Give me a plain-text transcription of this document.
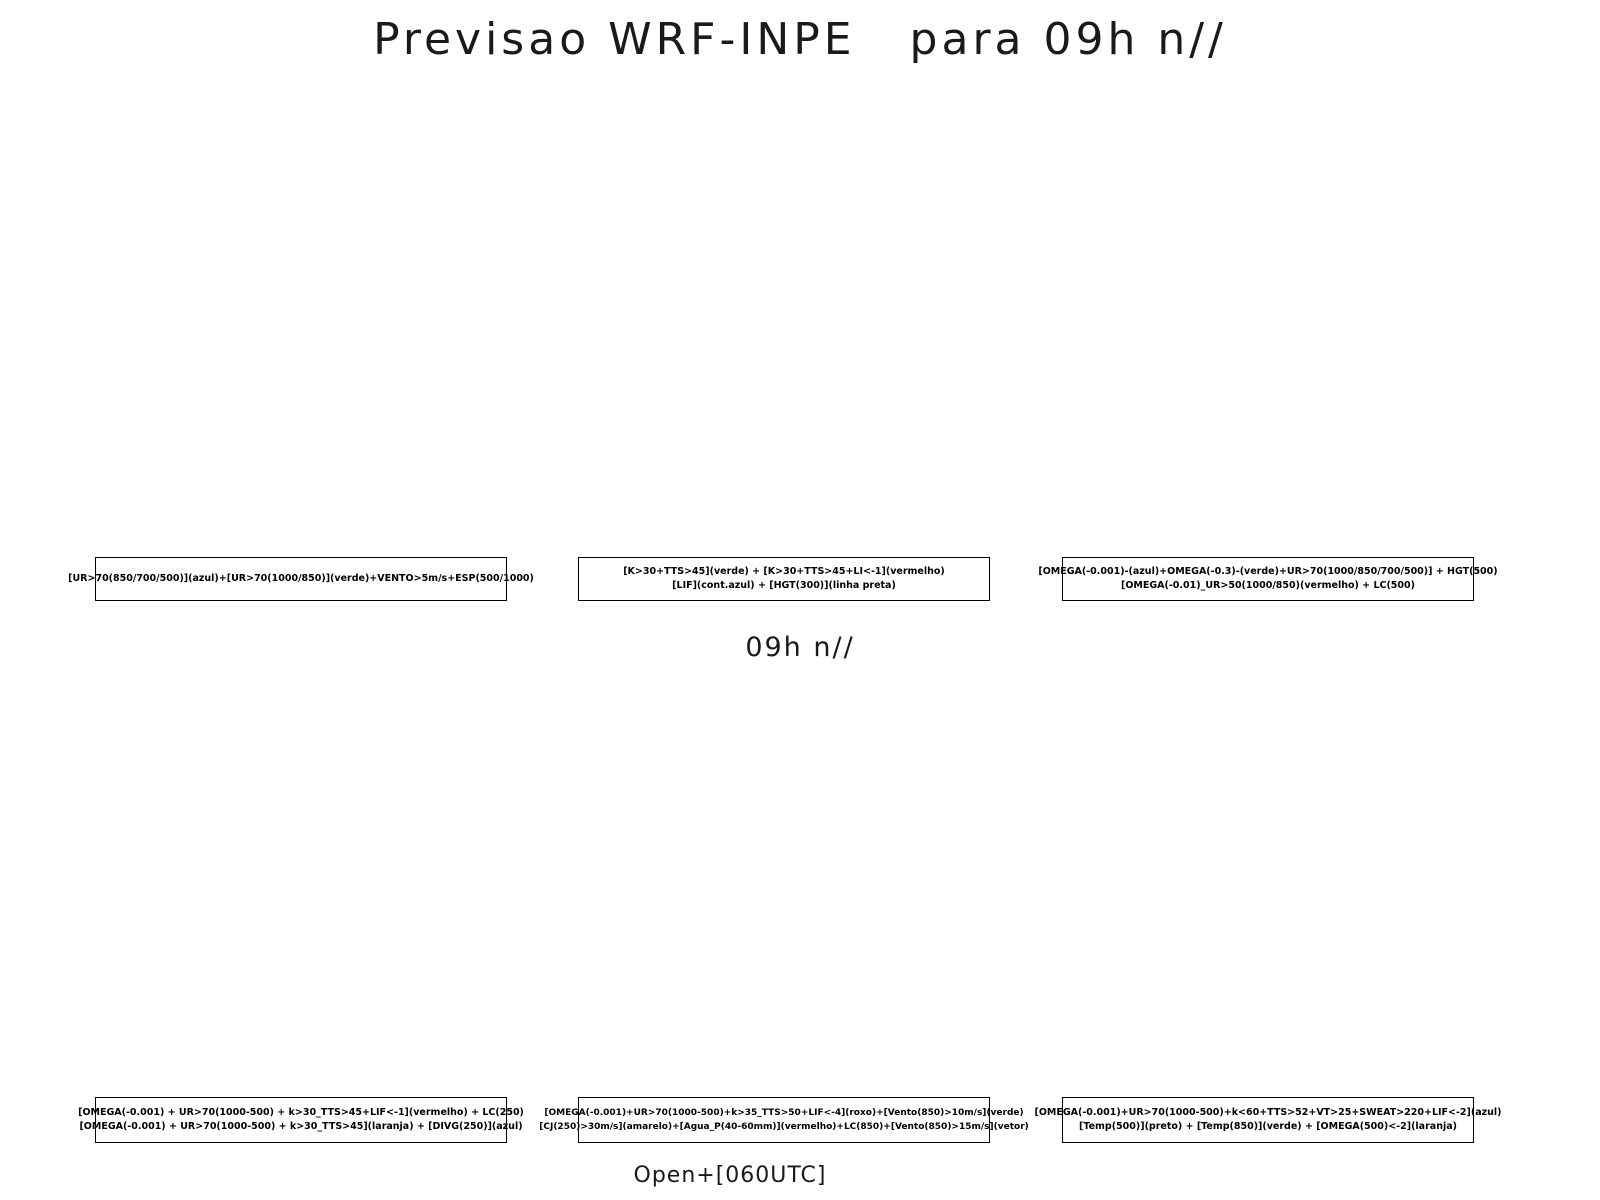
Previsao WRF-INPE   para 09h n//
[UR>70(850/700/500)](azul)+[UR>70(1000/850)](verde)+VENTO>5m/s+ESP(500/1000)
[K>30+TTS>45](verde) + [K>30+TTS>45+LI<-1](vermelho)
[LIF](cont.azul) + [HGT(300)](linha preta)
[OMEGA(-0.001)-(azul)+OMEGA(-0.3)-(verde)+UR>70(1000/850/700/500)] + HGT(500)
[OMEGA(-0.01)_UR>50(1000/850)(vermelho) + LC(500)
09h n//
[OMEGA(-0.001) + UR>70(1000-500) + k>30_TTS>45+LIF<-1](vermelho) + LC(250)
[OMEGA(-0.001) + UR>70(1000-500) + k>30_TTS>45](laranja) + [DIVG(250)](azul)
[OMEGA(-0.001)+UR>70(1000-500)+k>35_TTS>50+LIF<-4](roxo)+[Vento(850)>10m/s](verde)
[CJ(250)>30m/s](amarelo)+[Agua_P(40-60mm)](vermelho)+LC(850)+[Vento(850)>15m/s](vetor)
[OMEGA(-0.001)+UR>70(1000-500)+k<60+TTS>52+VT>25+SWEAT>220+LIF<-2](azul)
[Temp(500)](preto) + [Temp(850)](verde) + [OMEGA(500)<-2](laranja)
Open+[060UTC]
